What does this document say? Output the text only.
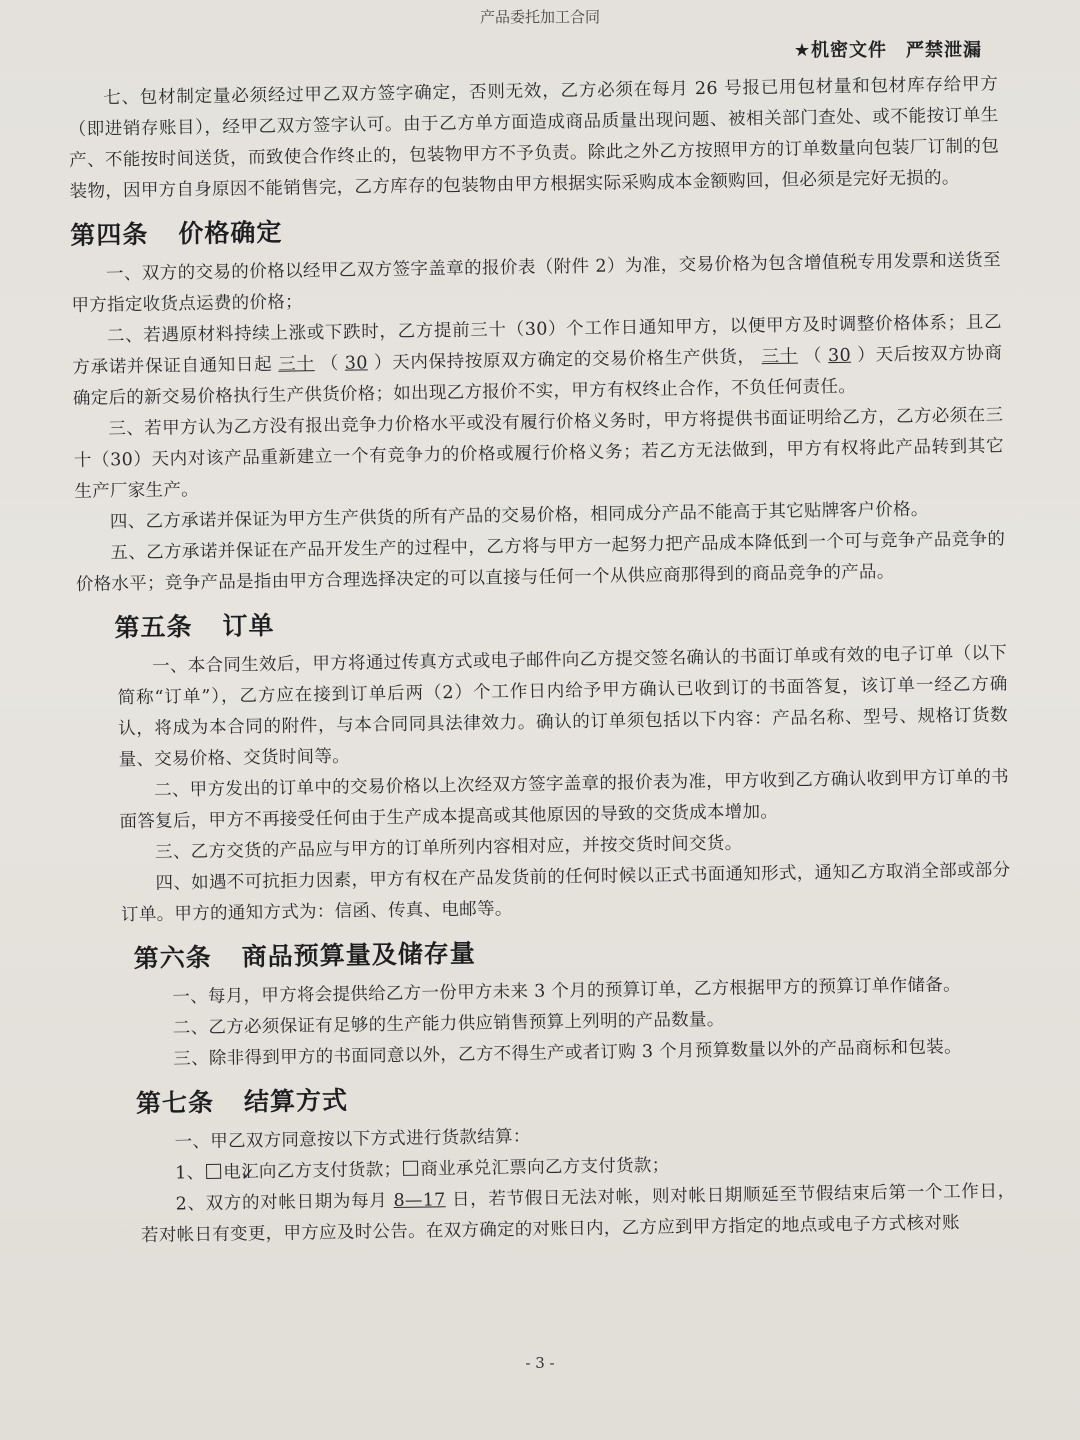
产品委托加工合同
★机密文件　严禁泄漏

七、包材制定量必须经过甲乙双方签字确定，否则无效，乙方必须在每月 26 号报已用包材量和包材库存给甲方（即进销存账目），经甲乙双方签字认可。由于乙方单方面造成商品质量出现问题、被相关部门查处、或不能按订单生产、不能按时间送货，而致使合作终止的，包装物甲方不予负责。除此之外乙方按照甲方的订单数量向包装厂订制的包装物，因甲方自身原因不能销售完，乙方库存的包装物由甲方根据实际采购成本金额购回，但必须是完好无损的。

第四条 价格确定

一、双方的交易的价格以经甲乙双方签字盖章的报价表（附件 2）为准，交易价格为包含增值税专用发票和送货至甲方指定收货点运费的价格；

二、若遇原材料持续上涨或下跌时，乙方提前三十（30）个工作日通知甲方，以便甲方及时调整价格体系；且乙方承诺并保证自通知日起 三十 （ 30 ）天内保持按原双方确定的交易价格生产供货， 三十 （ 30 ）天后按双方协商确定后的新交易价格执行生产供货价格；如出现乙方报价不实，甲方有权终止合作，不负任何责任。

三、若甲方认为乙方没有报出竞争力价格水平或没有履行价格义务时，甲方将提供书面证明给乙方，乙方必须在三十（30）天内对该产品重新建立一个有竞争力的价格或履行价格义务；若乙方无法做到，甲方有权将此产品转到其它生产厂家生产。

四、乙方承诺并保证为甲方生产供货的所有产品的交易价格，相同成分产品不能高于其它贴牌客户价格。

五、乙方承诺并保证在产品开发生产的过程中，乙方将与甲方一起努力把产品成本降低到一个可与竞争产品竞争的价格水平；竞争产品是指由甲方合理选择决定的可以直接与任何一个从供应商那得到的商品竞争的产品。

第五条 订单

一、本合同生效后，甲方将通过传真方式或电子邮件向乙方提交签名确认的书面订单或有效的电子订单（以下简称“订单”），乙方应在接到订单后两（2）个工作日内给予甲方确认已收到订的书面答复，该订单一经乙方确认，将成为本合同的附件，与本合同同具法律效力。确认的订单须包括以下内容：产品名称、型号、规格订货数量、交易价格、交货时间等。

二、甲方发出的订单中的交易价格以上次经双方签字盖章的报价表为准，甲方收到乙方确认收到甲方订单的书面答复后，甲方不再接受任何由于生产成本提高或其他原因的导致的交货成本增加。

三、乙方交货的产品应与甲方的订单所列内容相对应，并按交货时间交货。

四、如遇不可抗拒力因素，甲方有权在产品发货前的任何时候以正式书面通知形式，通知乙方取消全部或部分订单。甲方的通知方式为：信函、传真、电邮等。

第六条 商品预算量及储存量

一、每月，甲方将会提供给乙方一份甲方未来 3 个月的预算订单，乙方根据甲方的预算订单作储备。

二、乙方必须保证有足够的生产能力供应销售预算上列明的产品数量。

三、除非得到甲方的书面同意以外，乙方不得生产或者订购 3 个月预算数量以外的产品商标和包装。

第七条 结算方式

一、甲乙双方同意按以下方式进行货款结算：

1、✓ 电汇向乙方支付货款； 商业承兑汇票向乙方支付货款；

2、双方的对帐日期为每月 8—17 日，若节假日无法对帐，则对帐日期顺延至节假结束后第一个工作日，若对帐日有变更，甲方应及时公告。在双方确定的对账日内，乙方应到甲方指定的地点或电子方式核对账

- 3 -
